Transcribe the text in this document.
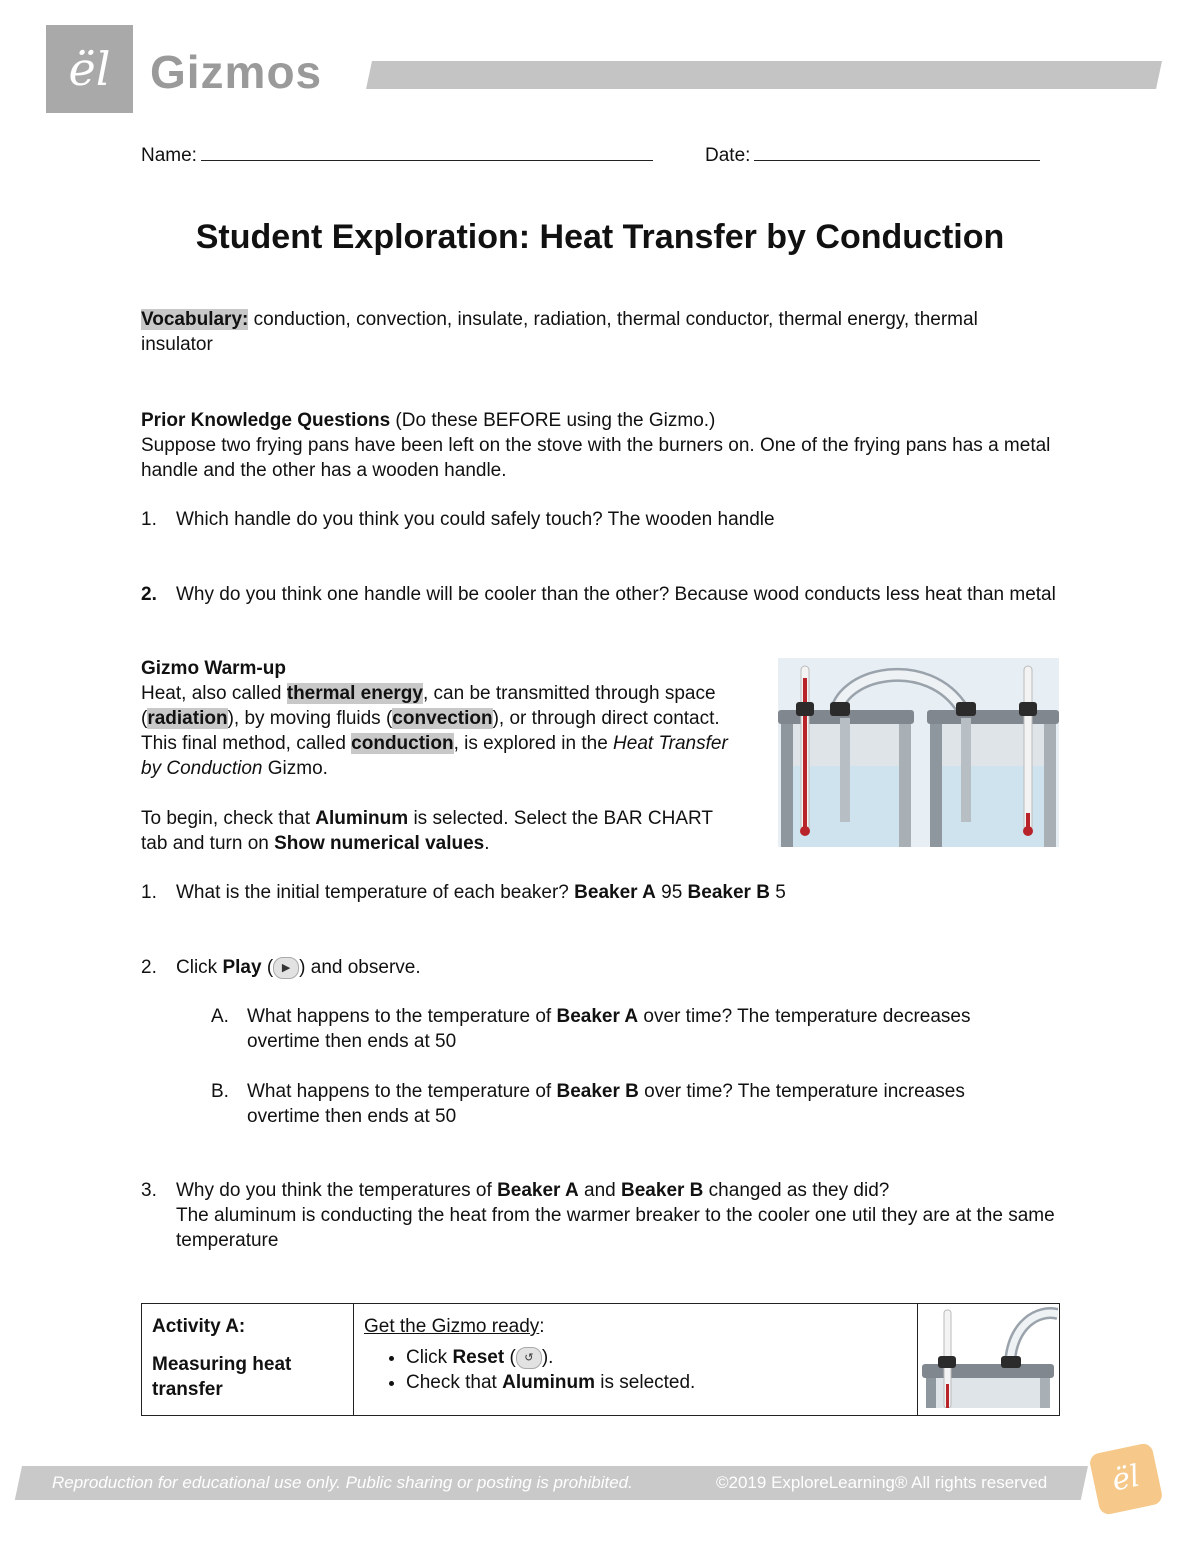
ël Gizmos
Name:	Date:
Student Exploration: Heat Transfer by Conduction
Vocabulary: conduction, convection, insulate, radiation, thermal conductor, thermal energy, thermal insulator
Prior Knowledge Questions (Do these BEFORE using the Gizmo.)
Suppose two frying pans have been left on the stove with the burners on. One of the frying pans has a metal handle and the other has a wooden handle.
1. Which handle do you think you could safely touch? The wooden handle
2. Why do you think one handle will be cooler than the other? Because wood conducts less heat than metal
Gizmo Warm-up
Heat, also called thermal energy, can be transmitted through space (radiation), by moving fluids (convection), or through direct contact. This final method, called conduction, is explored in the Heat Transfer by Conduction Gizmo.
To begin, check that Aluminum is selected. Select the BAR CHART tab and turn on Show numerical values.
1. What is the initial temperature of each beaker? Beaker A 95 Beaker B 5
2. Click Play ( ▶ ) and observe.
A. What happens to the temperature of Beaker A over time? The temperature decreases overtime then ends at 50
B. What happens to the temperature of Beaker B over time? The temperature increases overtime then ends at 50
3. Why do you think the temperatures of Beaker A and Beaker B changed as they did?
The aluminum is conducting the heat from the warmer breaker to the cooler one util they are at the same temperature
Activity A:
Measuring heat transfer

Get the Gizmo ready:
• Click Reset ( ↺ ).
• Check that Aluminum is selected.

Reproduction for educational use only. Public sharing or posting is prohibited.	©2019 ExploreLearning® All rights reserved	ël
